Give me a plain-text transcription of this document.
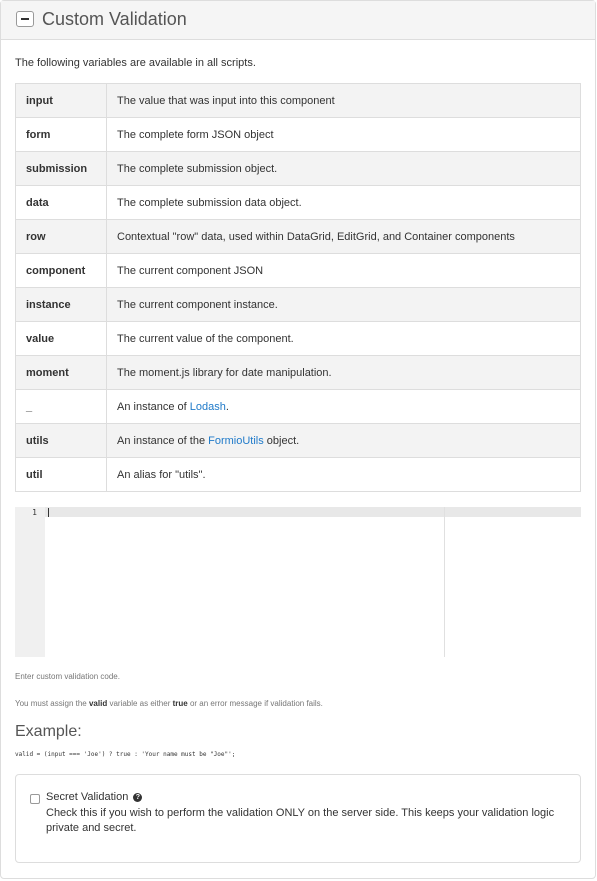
Custom Validation
The following variables are available in all scripts.
input	The value that was input into this component
form	The complete form JSON object
submission	The complete submission object.
data	The complete submission data object.
row	Contextual "row" data, used within DataGrid, EditGrid, and Container components
component	The current component JSON
instance	The current component instance.
value	The current value of the component.
moment	The moment.js library for date manipulation.
_	An instance of Lodash.
utils	An instance of the FormioUtils object.
util	An alias for "utils".
1
Enter custom validation code.
You must assign the valid variable as either true or an error message if validation fails.
Example:
valid = (input === 'Joe') ? true : 'Your name must be "Joe"';
Secret Validation ?
Check this if you wish to perform the validation ONLY on the server side. This keeps your validation logic private and secret.
